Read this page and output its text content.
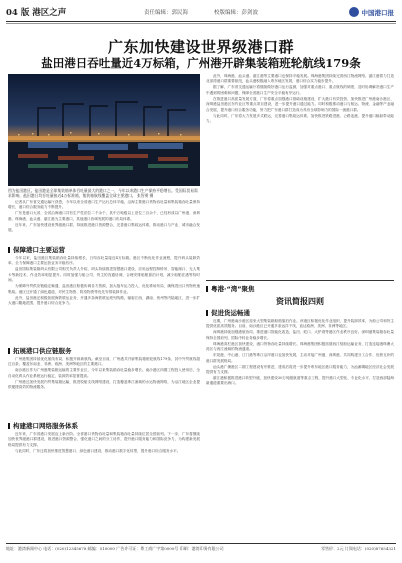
04 版 港区之声	责任编辑：郭民海	校版编辑：彭剑波	中国港口报
广东加快建设世界级港口群
盐田港日吞吐量近4万标箱，广州港开辟集装箱班轮航线179条
图为盐田港区。盐田港是全球集装箱单体吞吐量最大的港口之一，今年以来港口生产保持平稳增长。受国际贸易需求影响，盐田港日均吞吐量接近4万标准箱，集装箱航线覆盖全球主要港口。 张智勇 摄

此外，珠海港、汕头港、湛江港等主要港口也保持平稳发展。珠海港集团持续完善西江物流网络，湛江港着力打造北部湾港口群重要枢纽，汕头港积极融入粤东地区发展，港口综合实力稳步提升。

据了解，广东省交通运输厅将继续做好港口运行监测，加强对重点港口、重点航线的调度，及时协调解决港口生产中遇到的困难和问题，保障全省港口生产安全平稳有序运行。

在推进港口高质量发展方面，广东将重点加强港口基础设施建设，扩大港口有效投资，加快推进广州港南沙港区、深圳港盐田港区东作业区等重点项目建设，进一步提升港口通过能力。同时积极推动港口与航运、物流、金融等产业融合发展，提升港口综合服务功能，努力把广东港口群打造成为具有全球影响力的国际一流港口群。

与此同时，广东将大力发展多式联运，完善港口集疏运体系，加快推进铁路进港、公路连港，提升港口辐射带动能力。

记者从广东省交通运输厅获悉，今年以来全省港口生产运行总体平稳，沿海主要港口货物吞吐量和集装箱吞吐量保持增长，港口综合服务能力不断提升。

广东是港口大省，全省沿海港口共有生产性泊位二千余个，其中万吨级以上泊位三百余个，已经形成以广州港、深圳港、珠海港、汕头港、湛江港为主要港口，其他港口协调发展的港口布局体系。

近年来，广东加快建设世界级港口群，持续推进港口资源整合，完善港口集疏运体系，推动港口与产业、城市融合发展。

保障港口主要运营

今年以来，盐田港区集装箱吞吐量持续增长，日均吞吐量接近4万标箱。港区不断优化作业流程，提升码头装卸效率，全力保障港口主要运营业务平稳有序。

盐田国际集装箱码头有限公司相关负责人介绍，码头持续推进智慧港口建设，应用远程控制桥吊、智能闸口、无人集卡等新技术，作业效率明显提升。同时加强与船公司、货主的沟通协调，合理安排船舶靠泊计划，减少船舶在港等待时间。

为保障外贸供应链稳定畅通，盐田港区积极协调各方资源，加大拖车运力投入，优化堆场布局，确保进出口货物快速集疏。港区还开通了绿色通道，对民生物资、防疫物资等优先安排装卸作业。

此外，盐田港还积极拓展海铁联运业务，开通多条海铁联运班列线路，辐射江西、湖南、贵州等内陆地区，进一步扩大港口腹地范围，提升港口综合竞争力。

拓展港口供应链服务

广州港集团持续优化航线布局，积极开辟新航线。截至目前，广州港共开辟集装箱班轮航线179条，其中外贸航线超过百条，覆盖东南亚、非洲、欧洲、美洲等地区的主要港口。

南沙港区作为广州港集装箱运输的主要作业区，今年以来集装箱吞吐量稳步增长。南沙港区四期工程投入使用后，全自动化码头作业系统运行稳定，装卸效率显著提高。

广州港还加快发展内贸集装箱运输，推进驳船支线网络建设，打造覆盖珠江流域的水运物流网络，为沿江地区企业提供便捷高效的物流服务。

构建港口网络服务体系

近年来，广东省港口发展迈上新台阶。全省港口货物吞吐量和集装箱吞吐量持续位居全国前列。下一步，广东将继续加快世界级港口群建设，推进港口资源整合，强化港口之间的分工协作，提升港口服务能力和国际竞争力，为构建新发展格局提供有力支撑。

与此同时，广东还将加快推进智慧港口、绿色港口建设，推动港口数字化转型，提升港口综合服务水平。

粤港·“湾”聚焦
资讯简报四则
促进货运畅通

近期，广州港南沙港区迎来大型集装箱船舶靠泊作业。该港区积极优化作业组织，提升装卸效率，为船公司和货主提供优质高效服务。目前，南沙港区已开通多条远洋干线，直达欧洲、美洲、非洲等地区。

深圳港持续加强港航协同，推进港口智能化改造，盐田、蛇口、大铲湾等港区作业秩序良好。深圳港集装箱吞吐量保持全国前列，国际中转业务稳步增长。

珠海港高栏港区加快建设，港口货物吞吐量持续增长。珠海港集团积极拓展西江驳船运输业务，打造连接港珠澳大湾区与西江流域的物流通道。

东莞港、中山港、江门港等珠江沿岸港口也加快发展，主动对接广州港、深圳港，共同构建分工合作、优势互补的港口群发展格局。

汕头港广澳港区二期工程建设有序推进，建成后将进一步提升粤东地区港口服务能力，为汕潮揭地区经济社会发展提供有力支撑。

湛江港积极推进港口转型升级，加快建设30万吨级航道等重点工程，提升港口大型化、专业化水平，打造西部陆海新通道重要出海口。

地址：港湾新闻中心 电话：(020)12345678 邮编：510000 广告许可证：粤工商广字第0000号 印刷：港湾印务有限公司	零售价：2元 订阅电话：(020)87654321
